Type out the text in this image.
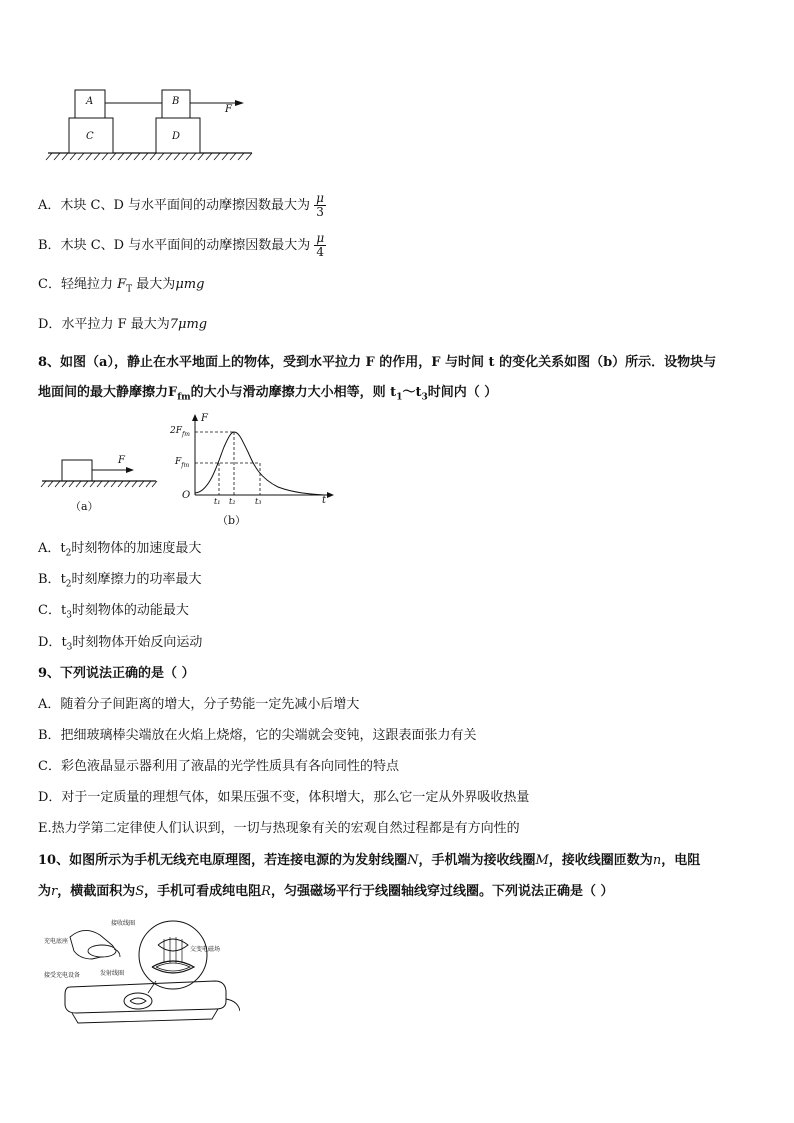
A	B
C	D
F
A．木块 C、D 与水平面间的动摩擦因数最大为 $\frac{\mu}{3}$
B．木块 C、D 与水平面间的动摩擦因数最大为 $\frac{\mu}{4}$
C．轻绳拉力 $F_T$ 最大为μmg
D．水平拉力 F 最大为7μmg
8、如图（a），静止在水平地面上的物体，受到水平拉力 F 的作用，F 与时间 t 的变化关系如图（b）所示．设物块与
地面间的最大静摩擦力$F_{fm}$的大小与滑动摩擦力大小相等，则 $t_1\sim t_3$时间内（ ）
F
（a）
F
t
O
$2F_{fm}$
$F_{fm}$
t₁ t₂ t₃
（b）
A．$t_2$时刻物体的加速度最大
B．$t_2$时刻摩擦力的功率最大
C．$t_3$时刻物体的动能最大
D．$t_3$时刻物体开始反向运动
9、下列说法正确的是（ ）
A．随着分子间距离的增大，分子势能一定先减小后增大
B．把细玻璃棒尖端放在火焰上烧熔，它的尖端就会变钝，这跟表面张力有关
C．彩色液晶显示器利用了液晶的光学性质具有各向同性的特点
D．对于一定质量的理想气体，如果压强不变，体积增大，那么它一定从外界吸收热量
E.热力学第二定律使人们认识到，一切与热现象有关的宏观自然过程都是有方向性的
10、如图所示为手机无线充电原理图，若连接电源的为发射线圈N，手机端为接收线圈M，接收线圈匝数为n，电阻
为r，横截面积为S，手机可看成纯电阻R，匀强磁场平行于线圈轴线穿过线圈。下列说法正确是（ ）
接收线圈
充电底座
交变电磁场
接受充电设备	发射线圈
